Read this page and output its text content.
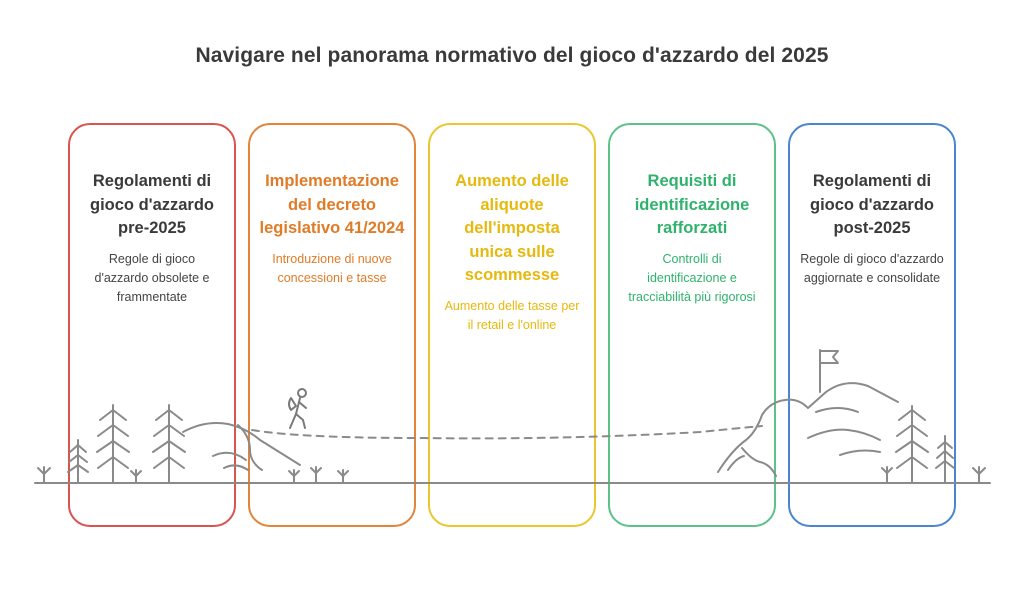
Navigare nel panorama normativo del gioco d'azzardo del 2025
Regolamenti di gioco d'azzardo pre-2025
Regole di gioco d'azzardo obsolete e frammentate
Implementazione del decreto legislativo 41/2024
Introduzione di nuove concessioni e tasse
Aumento delle aliquote dell'imposta unica sulle scommesse
Aumento delle tasse per il retail e l'online
Requisiti di identificazione rafforzati
Controlli di identificazione e tracciabilità più rigorosi
Regolamenti di gioco d'azzardo post-2025
Regole di gioco d'azzardo aggiornate e consolidate
